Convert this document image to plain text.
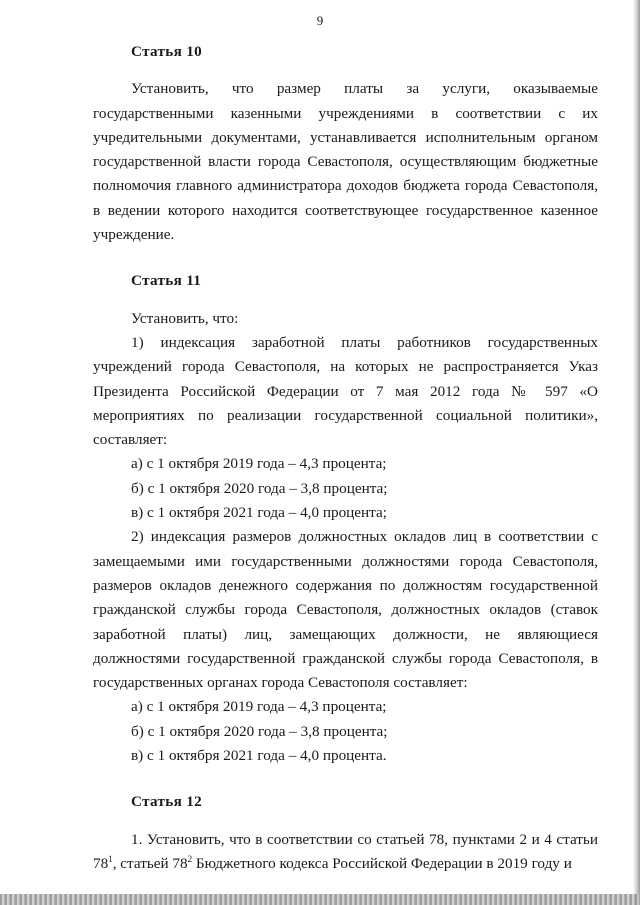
9
Статья 10

Установить, что размер платы за услуги, оказываемые государственными казенными учреждениями в соответствии с их учредительными документами, устанавливается исполнительным органом государственной власти города Севастополя, осуществляющим бюджетные полномочия главного администратора доходов бюджета города Севастополя, в ведении которого находится соответствующее государственное казенное учреждение.

Статья 11

Установить, что:

1) индексация заработной платы работников государственных учреждений города Севастополя, на которых не распространяется Указ Президента Российской Федерации от 7 мая 2012 года № 597 «О мероприятиях по реализации государственной социальной политики», составляет:

а) с 1 октября 2019 года – 4,3 процента;

б) с 1 октября 2020 года – 3,8 процента;

в) с 1 октября 2021 года – 4,0 процента;

2) индексация размеров должностных окладов лиц в соответствии с замещаемыми ими государственными должностями города Севастополя, размеров окладов денежного содержания по должностям государственной гражданской службы города Севастополя, должностных окладов (ставок заработной платы) лиц, замещающих должности, не являющиеся должностями государственной гражданской службы города Севастополя, в государственных органах города Севастополя составляет:

а) с 1 октября 2019 года – 4,3 процента;

б) с 1 октября 2020 года – 3,8 процента;

в) с 1 октября 2021 года – 4,0 процента.

Статья 12

1. Установить, что в соответствии со статьей 78, пунктами 2 и 4 статьи $78^1$, статьей $78^2$ Бюджетного кодекса Российской Федерации в 2019 году и
